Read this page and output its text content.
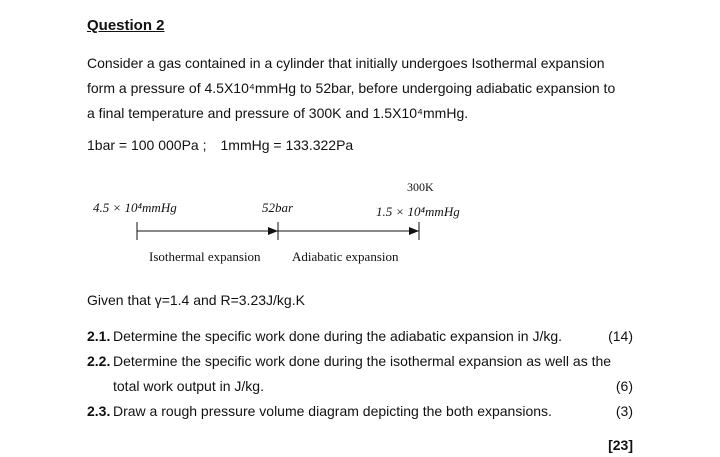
Question 2
Consider a gas contained in a cylinder that initially undergoes Isothermal expansion
form a pressure of 4.5X10⁴mmHg to 52bar, before undergoing adiabatic expansion to
a final temperature and pressure of 300K and 1.5X10⁴mmHg.
1bar = 100 000Pa ; 1mmHg = 133.322Pa
4.5 × 10⁴mmHg	52bar
300K
1.5 × 10⁴mmHg
Isothermal expansion Adiabatic expansion
Given that γ=1.4 and R=3.23J/kg.K
2.1. Determine the specific work done during the adiabatic expansion in J/kg.	(14)
2.2. Determine the specific work done during the isothermal expansion as well as the
total work output in J/kg.	(6)
2.3. Draw a rough pressure volume diagram depicting the both expansions.	(3)
[23]
